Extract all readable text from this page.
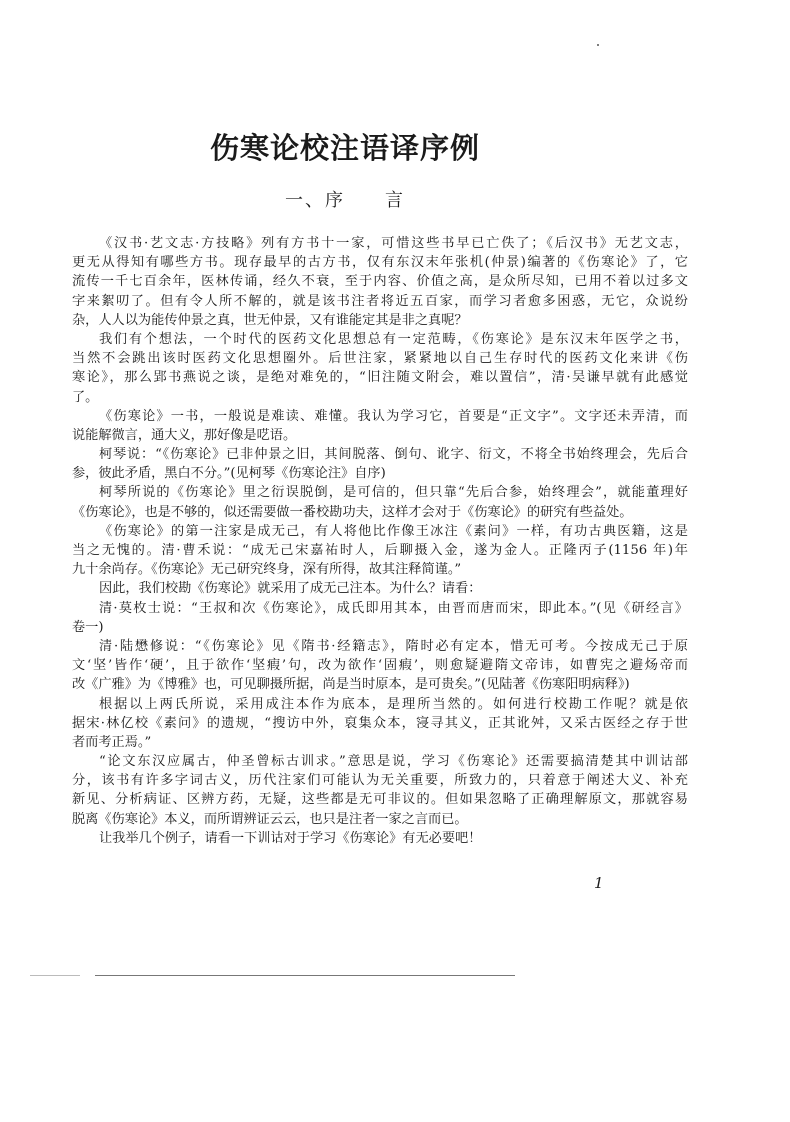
伤寒论校注语译序例
一、序　　言
《汉书·艺文志·方技略》列有方书十一家，可惜这些书早已亡佚了；《后汉书》无艺文志，
更无从得知有哪些方书。现存最早的古方书，仅有东汉末年张机(仲景)编著的《伤寒论》了，它
流传一千七百余年，医林传诵，经久不衰，至于内容、价值之高，是众所尽知，已用不着以过多文
字来絮叨了。但有令人所不解的，就是该书注者将近五百家，而学习者愈多困惑，无它，众说纷
杂，人人以为能传仲景之真，世无仲景，又有谁能定其是非之真呢？
我们有个想法，一个时代的医药文化思想总有一定范畴，《伤寒论》是东汉末年医学之书，
当然不会跳出该时医药文化思想圈外。后世注家，紧紧地以自己生存时代的医药文化来讲《伤
寒论》，那么郢书燕说之谈，是绝对难免的，“旧注随文附会，难以置信”，清·吴谦早就有此感觉
了。
《伤寒论》一书，一般说是难读、难懂。我认为学习它，首要是“正文字”。文字还未弄清，而
说能解微言，通大义，那好像是呓语。
柯琴说：“《伤寒论》已非仲景之旧，其间脱落、倒句、讹字、衍文，不将全书始终理会，先后合
参，彼此矛盾，黑白不分。”(见柯琴《伤寒论注》自序)
柯琴所说的《伤寒论》里之衍误脱倒，是可信的，但只靠“先后合参，始终理会”，就能董理好
《伤寒论》，也是不够的，似还需要做一番校勘功夫，这样才会对于《伤寒论》的研究有些益处。
《伤寒论》的第一注家是成无己，有人将他比作像王冰注《素问》一样，有功古典医籍，这是
当之无愧的。清·曹禾说：“成无己宋嘉祐时人，后聊摄入金，遂为金人。正隆丙子(1156 年)年
九十余尚存。《伤寒论》无己研究终身，深有所得，故其注释简谨。”
因此，我们校勘《伤寒论》就采用了成无己注本。为什么？请看：
清·莫枚士说：“王叔和次《伤寒论》，成氏即用其本，由晋而唐而宋，即此本。”(见《研经言》
卷一)
清·陆懋修说：“《伤寒论》见《隋书·经籍志》，隋时必有定本，惜无可考。今按成无己于原
文‘坚’皆作‘硬’，且于欲作‘坚瘕’句，改为欲作‘固瘕’，则愈疑避隋文帝讳，如曹宪之避炀帝而
改《广雅》为《博雅》也，可见聊摄所据，尚是当时原本，是可贵矣。”(见陆著《伤寒阳明病释》)
根据以上两氏所说，采用成注本作为底本，是理所当然的。如何进行校勘工作呢？就是依
据宋·林亿校《素问》的遗规，“搜访中外，裒集众本，寖寻其义，正其讹舛，又采古医经之存于世
者而考正焉。”
“论文东汉应属古，仲圣曾标古训求。”意思是说，学习《伤寒论》还需要搞清楚其中训诂部
分，该书有许多字词古义，历代注家们可能认为无关重要，所致力的，只着意于阐述大义、补充
新见、分析病证、区辨方药，无疑，这些都是无可非议的。但如果忽略了正确理解原文，那就容易
脱离《伤寒论》本义，而所谓辨证云云，也只是注者一家之言而已。
让我举几个例子，请看一下训诂对于学习《伤寒论》有无必要吧！
1
